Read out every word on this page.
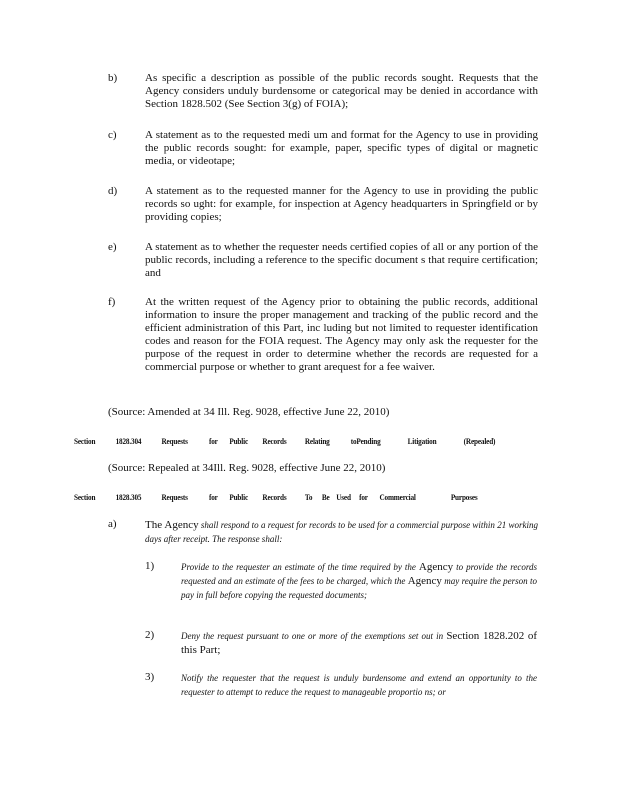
b)	As specific a description as possible of the public records sought. Requests that the Agency considers unduly burdensome or categorical may be denied in accordance with Section 1828.502 (See Section 3(g) of FOIA);
c)	A statement as to the requested medi um and format for the Agency to use in providing the public records sought: for example, paper, specific types of digital or magnetic media, or videotape;
d)	A statement as to the requested manner for the Agency to use in providing the public records so ught: for example, for inspection at Agency headquarters in Springfield or by providing copies;
e)	A statement as to whether the requester needs certified copies of all or any portion of the public records, including a reference to the specific document s that require certification; and
f)	At the written request of the Agency prior to obtaining the public records, additional information to insure the proper management and tracking of the public record and the efficient administration of this Part, inc luding but not limited to requester identification codes and reason for the FOIA request. The Agency may only ask the requester for the purpose of the request in order to determine whether the records are requested for a commercial purpose or whether to grant arequest for a fee waiver.
(Source: Amended at 34 Ill. Reg. 9028, effective June 22, 2010)
Section 1828.304 Requests for Public Records Relating toPending	Litigation	(Repealed)
(Source: Repealed at 34Ill. Reg. 9028, effective June 22, 2010)
Section 1828.305 Requests for Public Records To Be Used for Commercial	Purposes
a)	The Agency shall respond to a request for records to be used for a commercial purpose within 21 working days after receipt. The response shall:
1)	Provide to the requester an estimate of the time required by the Agency to provide the records requested and an estimate of the fees to be charged, which the Agency may require the person to pay in full before copying the requested documents;
2)	Deny the request pursuant to one or more of the exemptions set out in Section 1828.202 of this Part;
3)	Notify the requester that the request is unduly burdensome and extend an opportunity to the requester to attempt to reduce the request to manageable proportio ns; or
